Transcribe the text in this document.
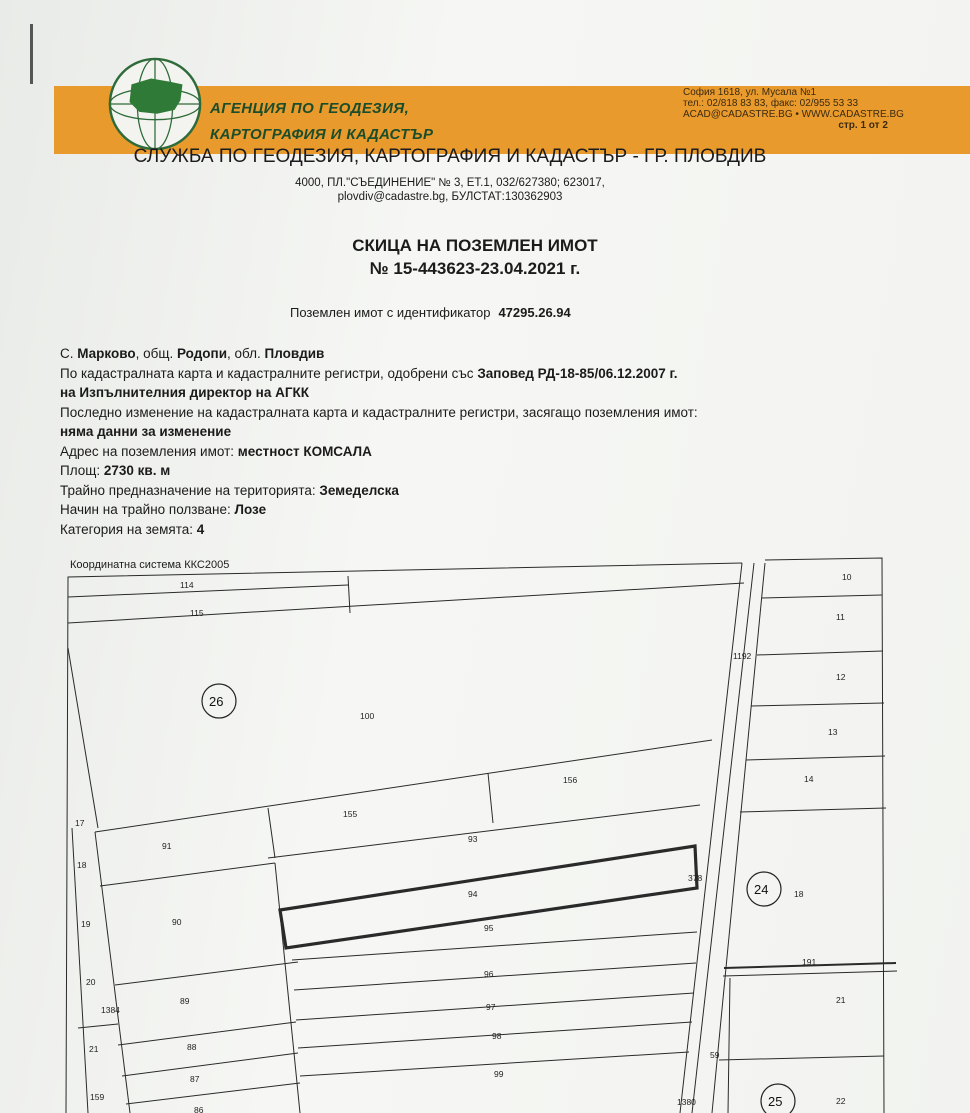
АГЕНЦИЯ ПО ГЕОДЕЗИЯ,
КАРТОГРАФИЯ И КАДАСТЪР
София 1618, ул. Мусала №1
тел.: 02/818 83 83, факс: 02/955 53 33
ACAD@CADASTRE.BG • WWW.CADASTRE.BG
стр. 1 от 2
СЛУЖБА ПО ГЕОДЕЗИЯ, КАРТОГРАФИЯ И КАДАСТЪР - ГР. ПЛОВДИВ
4000, ПЛ."СЪЕДИНЕНИЕ" № 3, ЕТ.1, 032/627380; 623017,
plovdiv@cadastre.bg, БУЛСТАТ:130362903
СКИЦА НА ПОЗЕМЛЕН ИМОТ
№ 15-443623-23.04.2021 г.
Поземлен имот с идентификатор 47295.26.94
С. Марково, общ. Родопи, обл. Пловдив
По кадастралната карта и кадастралните регистри, одобрени със Заповед РД-18-85/06.12.2007 г.
на Изпълнителния директор на АГКК
Последно изменение на кадастралната карта и кадастралните регистри, засягащо поземления имот:
няма данни за изменение
Адрес на поземления имот: местност КОМСАЛА
Площ: 2730 кв. м
Трайно предназначение на територията: Земеделска
Начин на трайно ползване: Лозе
Категория на земята: 4
Координатна система ККС2005
26
24
25
114
115
100
156
155
91
93
94
90
95
96
89
97
88
98
87	99
86
10
11
12
13
14
18
191
21
22
1192
378
1380
59
17
18
19
20
1384
21
159
